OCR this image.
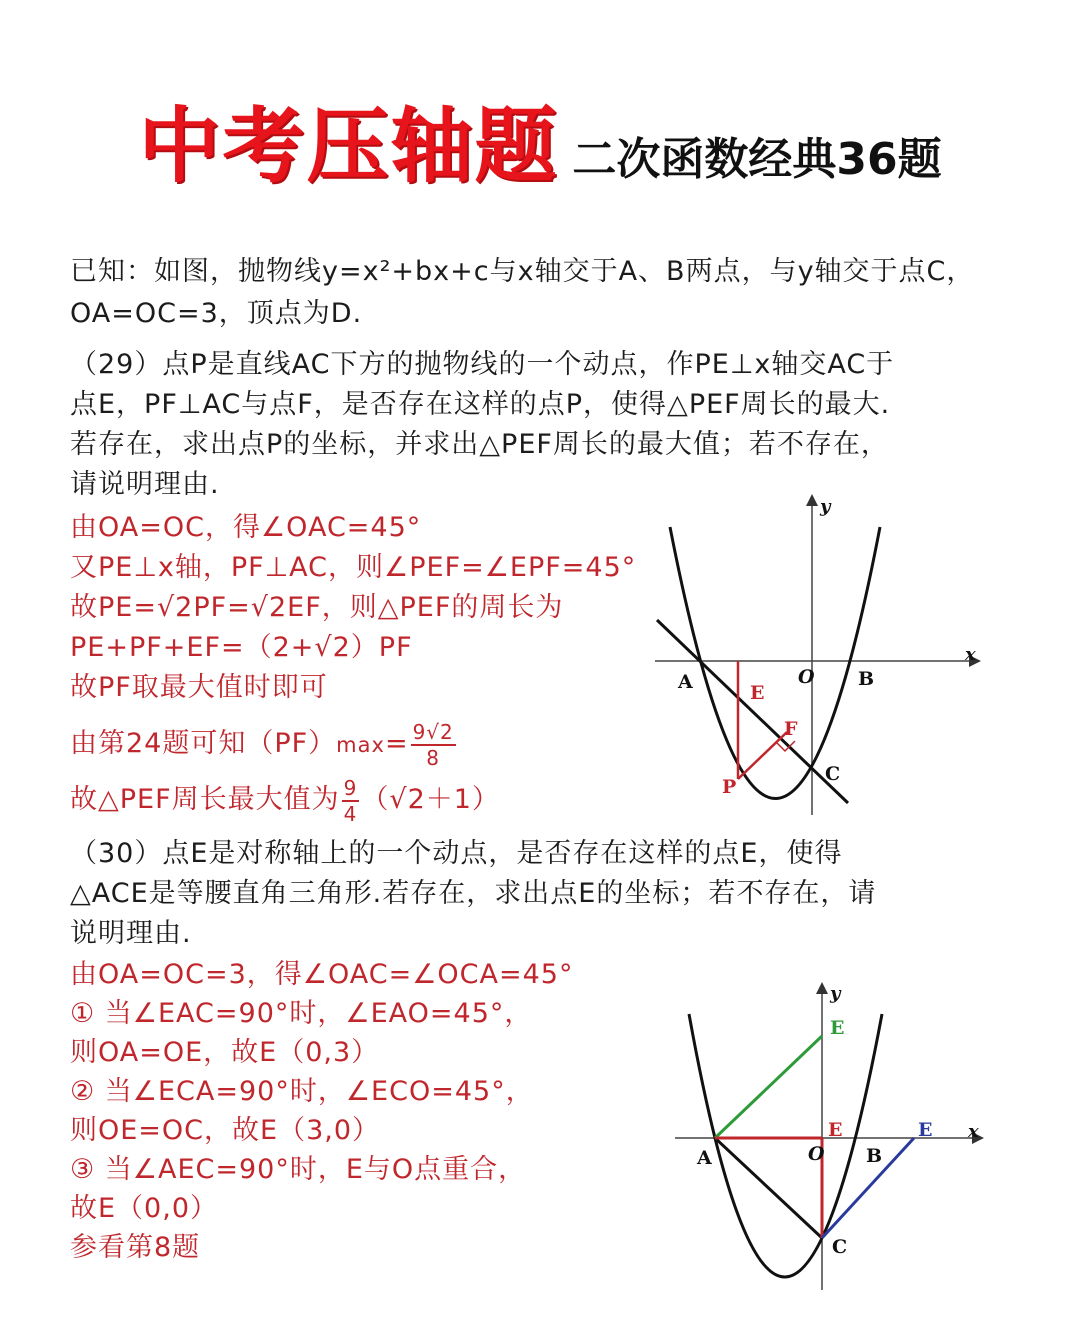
中考压轴题 二次函数经典36题
已知：如图，抛物线y=x²+bx+c与x轴交于A、B两点，与y轴交于点C，
OA=OC=3，顶点为D.
（29）点P是直线AC下方的抛物线的一个动点，作PE⊥x轴交AC于
点E，PF⊥AC与点F，是否存在这样的点P，使得△PEF周长的最大.
若存在，求出点P的坐标，并求出△PEF周长的最大值；若不存在，
请说明理由.
由OA=OC，得∠OAC=45°
又PE⊥x轴，PF⊥AC，则∠PEF=∠EPF=45°
故PE=√2PF=√2EF，则△PEF的周长为
PE+PF+EF=（2+√2）PF
故PF取最大值时即可
由第24题可知$(PF)\max= \frac{9√2}{8}$
故△PEF周长最大值为 $\frac{9}{4} (√2+1)$
（30）点E是对称轴上的一个动点，是否存在这样的点E，使得
△ACE是等腰直角三角形.若存在，求出点E的坐标；若不存在，请
说明理由.
由OA=OC=3，得∠OAC=∠OCA=45°
① 当∠EAC=90°时，∠EAO=45°，
则OA=OE，故E（0,3）
② 当∠ECA=90°时，∠ECO=45°，
则OE=OC，故E（3,0）
③ 当∠AEC=90°时，E与O点重合，
故E（0,0）
参看第8题
y
x
A	O B
E
F
P
C
y
x
A	O B
C
E
E	E
